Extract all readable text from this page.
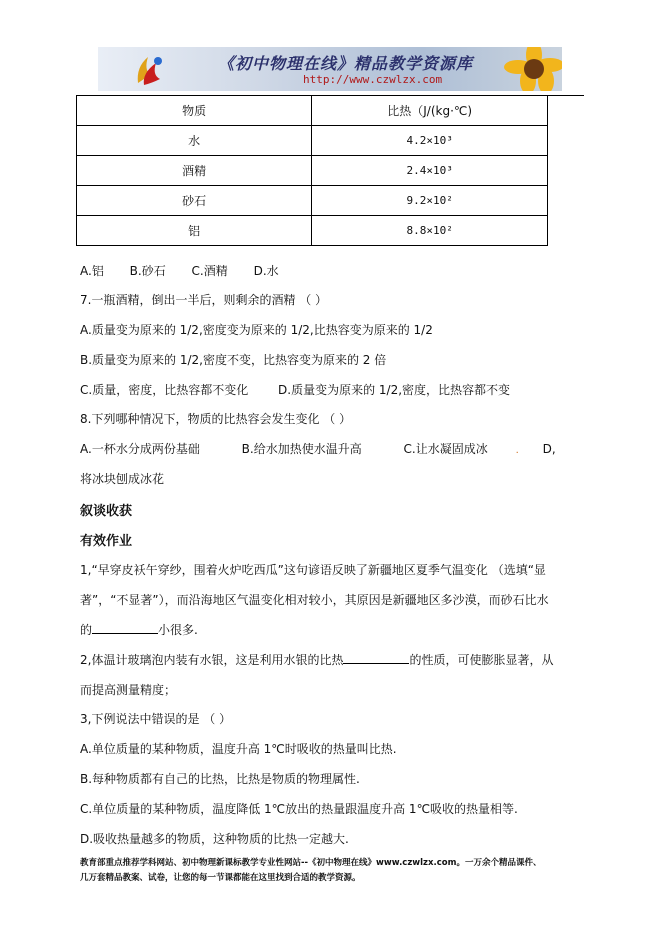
《初中物理在线》精品教学资源库
http://www.czwlzx.com
物质	比热（J/(kg·℃)
水	4.2×10³
酒精	2.4×10³
砂石	9.2×10²
铝	8.8×10²
A.铝 B.砂石 C.酒精 D.水
7.一瓶酒精，倒出一半后，则剩余的酒精 （ ）
A.质量变为原来的 1/2,密度变为原来的 1/2,比热容变为原来的 1/2
B.质量变为原来的 1/2,密度不变，比热容变为原来的 2 倍
C.质量，密度，比热容都不变化 D.质量变为原来的 1/2,密度，比热容都不变
8.下列哪种情况下，物质的比热容会发生变化 （ ）
A.一杯水分成两份基础	B.给水加热使水温升高	C.让水凝固成冰	. D,
将冰块刨成冰花
叙谈收获
有效作业
1,“早穿皮袄午穿纱，围着火炉吃西瓜”这句谚语反映了新疆地区夏季气温变化 （选填“显
著”，“不显著”），而沿海地区气温变化相对较小，其原因是新疆地区多沙漠，而砂石比水
的	小很多.
2,体温计玻璃泡内装有水银，这是利用水银的比热	的性质，可使膨胀显著，从
而提高测量精度；
3,下例说法中错误的是 （ ）
A.单位质量的某种物质，温度升高 1℃时吸收的热量叫比热.
B.每种物质都有自己的比热，比热是物质的物理属性.
C.单位质量的某种物质，温度降低 1℃放出的热量跟温度升高 1℃吸收的热量相等.
D.吸收热量越多的物质，这种物质的比热一定越大.
教育部重点推荐学科网站、初中物理新课标教学专业性网站--《初中物理在线》www.czwlzx.com。一万余个精品课件、
几万套精品教案、试卷，让您的每一节课都能在这里找到合适的教学资源。
